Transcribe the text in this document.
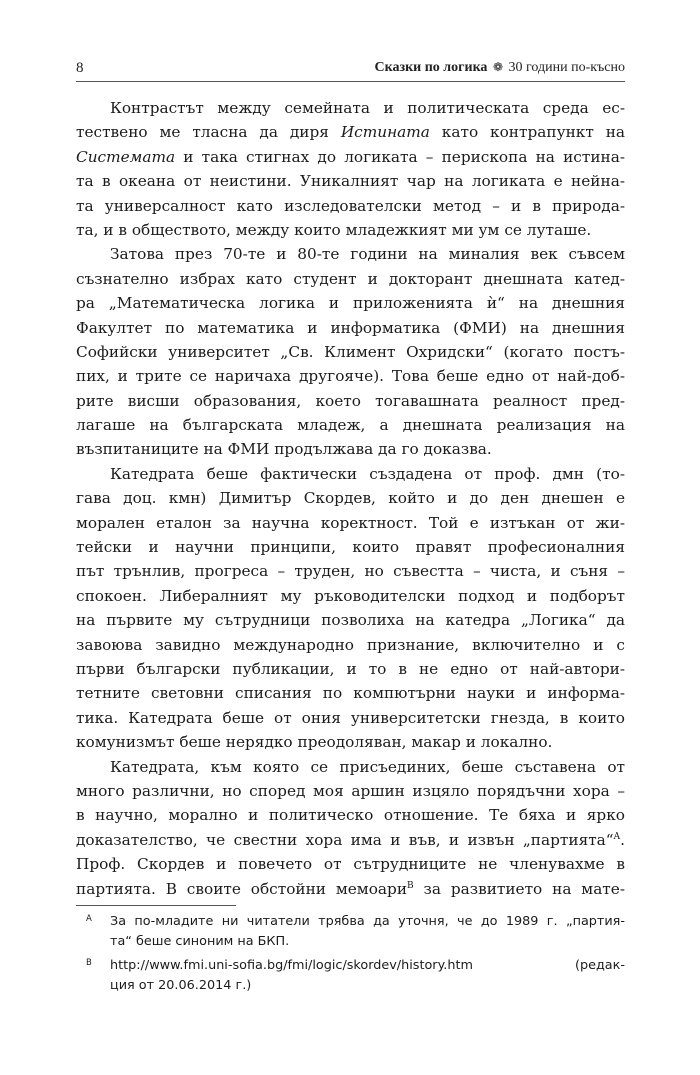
8	Сказки по логика ❁ 30 години по-късно
Контрастът между семейната и политическата среда ес-
тествено ме тласна да диря Истината като контрапункт на
Системата и така стигнах до логиката – перископа на истина-
та в океана от неистини. Уникалният чар на логиката е нейна-
та универсалност като изследователски метод – и в природа-
та, и в обществото, между които младежкият ми ум се луташе.
Затова през 70-те и 80-те години на миналия век съвсем
съзнателно избрах като студент и докторант днешната катед-
ра „Математическа логика и приложенията ѝ“ на днешния
Факултет по математика и информатика (ФМИ) на днешния
Софийски университет „Св. Климент Охридски“ (когато постъ-
пих, и трите се наричаха другояче). Това беше едно от най-доб-
рите висши образования, което тогавашната реалност пред-
лагаше на българската младеж, а днешната реализация на
възпитаниците на ФМИ продължава да го доказва.
Катедрата беше фактически създадена от проф. дмн (то-
гава доц. кмн) Димитър Скордев, който и до ден днешен е
морален еталон за научна коректност. Той е изтъкан от жи-
тейски и научни принципи, които правят професионалния
път трънлив, прогреса – труден, но съвестта – чиста, и съня –
спокоен. Либералният му ръководителски подход и подборът
на първите му сътрудници позволиха на катедра „Логика“ да
завоюва завидно международно признание, включително и с
първи български публикации, и то в не едно от най-автори-
тетните световни списания по компютърни науки и информа-
тика. Катедрата беше от ония университетски гнезда, в които
комунизмът беше нерядко преодоляван, макар и локално.
Катедрата, към която се присъединих, беше съставена от
много различни, но според моя аршин изцяло порядъчни хора –
в научно, морално и политическо отношение. Те бяха и ярко
доказателство, че свестни хора има и във, и извън „партията“$^A$.
Проф. Скордев и повечето от сътрудниците не членувахме в
партията. В своите обстойни мемоари$^B$ за развитието на мате-
A За по-младите ни читатели трябва да уточня, че до 1989 г. „партия-
та“ беше синоним на БКП.
B http://www.fmi.uni-sofia.bg/fmi/logic/skordev/history.htm (редак-
ция от 20.06.2014 г.)
